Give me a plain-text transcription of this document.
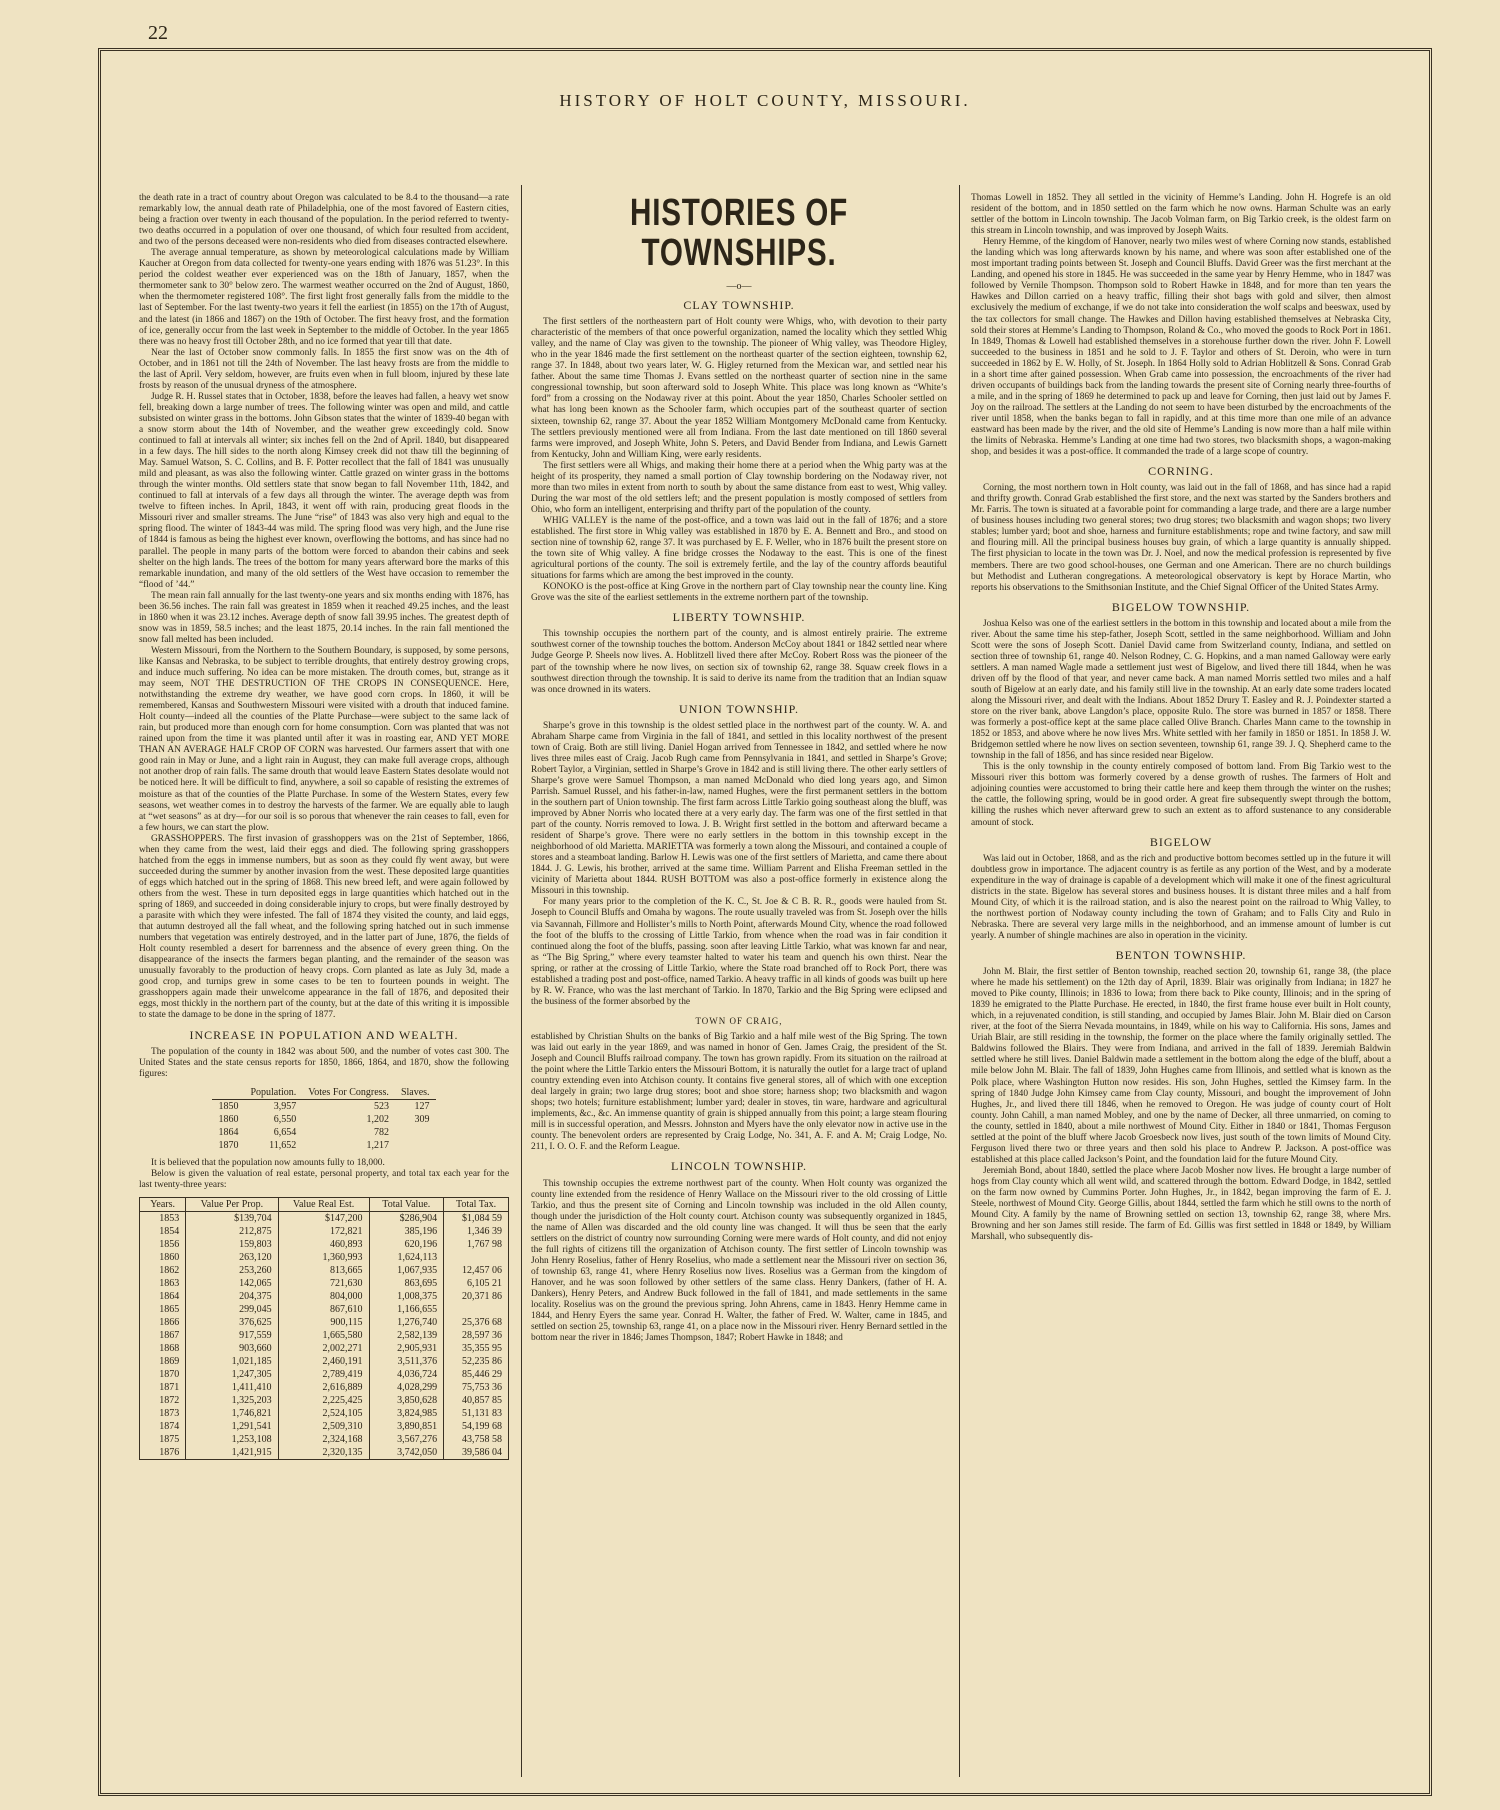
22
HISTORY OF HOLT COUNTY, MISSOURI.

the death rate in a tract of country about Oregon was calculated to be 8.4 to the thousand—a rate remarkably low, the annual death rate of Philadelphia, one of the most favored of Eastern cities, being a fraction over twenty in each thousand of the population. In the period referred to twenty-two deaths occurred in a population of over one thousand, of which four resulted from accident, and two of the persons deceased were non-residents who died from diseases contracted elsewhere.

The average annual temperature, as shown by meteorological calculations made by William Kaucher at Oregon from data collected for twenty-one years ending with 1876 was 51.23°. In this period the coldest weather ever experienced was on the 18th of January, 1857, when the thermometer sank to 30° below zero. The warmest weather occurred on the 2nd of August, 1860, when the thermometer registered 108°. The first light frost generally falls from the middle to the last of September. For the last twenty-two years it fell the earliest (in 1855) on the 17th of August, and the latest (in 1866 and 1867) on the 19th of October. The first heavy frost, and the formation of ice, generally occur from the last week in September to the middle of October. In the year 1865 there was no heavy frost till October 28th, and no ice formed that year till that date.

Near the last of October snow commonly falls. In 1855 the first snow was on the 4th of October, and in 1861 not till the 24th of November. The last heavy frosts are from the middle to the last of April. Very seldom, however, are fruits even when in full bloom, injured by these late frosts by reason of the unusual dryness of the atmosphere.

Judge R. H. Russel states that in October, 1838, before the leaves had fallen, a heavy wet snow fell, breaking down a large number of trees. The following winter was open and mild, and cattle subsisted on winter grass in the bottoms. John Gibson states that the winter of 1839-40 began with a snow storm about the 14th of November, and the weather grew exceedingly cold. Snow continued to fall at intervals all winter; six inches fell on the 2nd of April. 1840, but disappeared in a few days. The hill sides to the north along Kimsey creek did not thaw till the beginning of May. Samuel Watson, S. C. Collins, and B. F. Potter recollect that the fall of 1841 was unusually mild and pleasant, as was also the following winter. Cattle grazed on winter grass in the bottoms through the winter months. Old settlers state that snow began to fall November 11th, 1842, and continued to fall at intervals of a few days all through the winter. The average depth was from twelve to fifteen inches. In April, 1843, it went off with rain, producing great floods in the Missouri river and smaller streams. The June “rise” of 1843 was also very high and equal to the spring flood. The winter of 1843-44 was mild. The spring flood was very high, and the June rise of 1844 is famous as being the highest ever known, overflowing the bottoms, and has since had no parallel. The people in many parts of the bottom were forced to abandon their cabins and seek shelter on the high lands. The trees of the bottom for many years afterward bore the marks of this remarkable inundation, and many of the old settlers of the West have occasion to remember the “flood of ’44.”

The mean rain fall annually for the last twenty-one years and six months ending with 1876, has been 36.56 inches. The rain fall was greatest in 1859 when it reached 49.25 inches, and the least in 1860 when it was 23.12 inches. Average depth of snow fall 39.95 inches. The greatest depth of snow was in 1859, 58.5 inches; and the least 1875, 20.14 inches. In the rain fall mentioned the snow fall melted has been included.

Western Missouri, from the Northern to the Southern Boundary, is supposed, by some persons, like Kansas and Nebraska, to be subject to terrible droughts, that entirely destroy growing crops, and induce much suffering. No idea can be more mistaken. The drouth comes, but, strange as it may seem, NOT THE DESTRUCTION OF THE CROPS IN CONSEQUENCE. Here, notwithstanding the extreme dry weather, we have good corn crops. In 1860, it will be remembered, Kansas and Southwestern Missouri were visited with a drouth that induced famine. Holt county—indeed all the counties of the Platte Purchase—were subject to the same lack of rain, but produced more than enough corn for home consumption. Corn was planted that was not rained upon from the time it was planted until after it was in roasting ear, AND YET MORE THAN AN AVERAGE HALF CROP OF CORN was harvested. Our farmers assert that with one good rain in May or June, and a light rain in August, they can make full average crops, although not another drop of rain falls. The same drouth that would leave Eastern States desolate would not be noticed here. It will be difficult to find, anywhere, a soil so capable of resisting the extremes of moisture as that of the counties of the Platte Purchase. In some of the Western States, every few seasons, wet weather comes in to destroy the harvests of the farmer. We are equally able to laugh at “wet seasons” as at dry—for our soil is so porous that whenever the rain ceases to fall, even for a few hours, we can start the plow.

GRASSHOPPERS. The first invasion of grasshoppers was on the 21st of September, 1866, when they came from the west, laid their eggs and died. The following spring grasshoppers hatched from the eggs in immense numbers, but as soon as they could fly went away, but were succeeded during the summer by another invasion from the west. These deposited large quantities of eggs which hatched out in the spring of 1868. This new breed left, and were again followed by others from the west. These in turn deposited eggs in large quantities which hatched out in the spring of 1869, and succeeded in doing considerable injury to crops, but were finally destroyed by a parasite with which they were infested. The fall of 1874 they visited the county, and laid eggs, that autumn destroyed all the fall wheat, and the following spring hatched out in such immense numbers that vegetation was entirely destroyed, and in the latter part of June, 1876, the fields of Holt county resembled a desert for barrenness and the absence of every green thing. On the disappearance of the insects the farmers began planting, and the remainder of the season was unusually favorably to the production of heavy crops. Corn planted as late as July 3d, made a good crop, and turnips grew in some cases to be ten to fourteen pounds in weight. The grasshoppers again made their unwelcome appearance in the fall of 1876, and deposited their eggs, most thickly in the northern part of the county, but at the date of this writing it is impossible to state the damage to be done in the spring of 1877.

INCREASE IN POPULATION AND WEALTH.

The population of the county in 1842 was about 500, and the number of votes cast 300. The United States and the state census reports for 1850, 1866, 1864, and 1870, show the following figures:

	Population.	Votes For Congress.	Slaves.
1850	3,957	523	127
1860	6,550	1,202	309
1864	6,654	782	
1870	11,652	1,217	

It is believed that the population now amounts fully to 18,000.

Below is given the valuation of real estate, personal property, and total tax each year for the last twenty-three years:

Years.	Value Per Prop.	Value Real Est.	Total Value.	Total Tax.
1853	$139,704	$147,200	$286,904	$1,084 59
1854	212,875	172,821	385,196	1,346 39
1856	159,803	460,893	620,196	1,767 98
1860	263,120	1,360,993	1,624,113	
1862	253,260	813,665	1,067,935	12,457 06
1863	142,065	721,630	863,695	6,105 21
1864	204,375	804,000	1,008,375	20,371 86
1865	299,045	867,610	1,166,655	
1866	376,625	900,115	1,276,740	25,376 68
1867	917,559	1,665,580	2,582,139	28,597 36
1868	903,660	2,002,271	2,905,931	35,355 95
1869	1,021,185	2,460,191	3,511,376	52,235 86
1870	1,247,305	2,789,419	4,036,724	85,446 29
1871	1,411,410	2,616,889	4,028,299	75,753 36
1872	1,325,203	2,225,425	3,850,628	40,857 85
1873	1,746,821	2,524,105	3,824,985	51,131 83
1874	1,291,541	2,509,310	3,890,851	54,199 68
1875	1,253,108	2,324,168	3,567,276	43,758 58
1876	1,421,915	2,320,135	3,742,050	39,586 04
HISTORIES OF TOWNSHIPS.
—o—
CLAY TOWNSHIP.

The first settlers of the northeastern part of Holt county were Whigs, who, with devotion to their party characteristic of the members of that once powerful organization, named the locality which they settled Whig valley, and the name of Clay was given to the township. The pioneer of Whig valley, was Theodore Higley, who in the year 1846 made the first settlement on the northeast quarter of the section eighteen, township 62, range 37. In 1848, about two years later, W. G. Higley returned from the Mexican war, and settled near his father. About the same time Thomas J. Evans settled on the northeast quarter of section nine in the same congressional township, but soon afterward sold to Joseph White. This place was long known as “White’s ford” from a crossing on the Nodaway river at this point. About the year 1850, Charles Schooler settled on what has long been known as the Schooler farm, which occupies part of the southeast quarter of section sixteen, township 62, range 37. About the year 1852 William Montgomery McDonald came from Kentucky. The settlers previously mentioned were all from Indiana. From the last date mentioned on till 1860 several farms were improved, and Joseph White, John S. Peters, and David Bender from Indiana, and Lewis Garnett from Kentucky, John and William King, were early residents.

The first settlers were all Whigs, and making their home there at a period when the Whig party was at the height of its prosperity, they named a small portion of Clay township bordering on the Nodaway river, not more than two miles in extent from north to south by about the same distance from east to west, Whig valley. During the war most of the old settlers left; and the present population is mostly composed of settlers from Ohio, who form an intelligent, enterprising and thrifty part of the population of the county.

WHIG VALLEY is the name of the post-office, and a town was laid out in the fall of 1876; and a store established. The first store in Whig valley was established in 1870 by E. A. Bennett and Bro., and stood on section nine of township 62, range 37. It was purchased by E. F. Weller, who in 1876 built the present store on the town site of Whig valley. A fine bridge crosses the Nodaway to the east. This is one of the finest agricultural portions of the county. The soil is extremely fertile, and the lay of the country affords beautiful situations for farms which are among the best improved in the county.

KONOKO is the post-office at King Grove in the northern part of Clay township near the county line. King Grove was the site of the earliest settlements in the extreme northern part of the township.

LIBERTY TOWNSHIP.

This township occupies the northern part of the county, and is almost entirely prairie. The extreme southwest corner of the township touches the bottom. Anderson McCoy about 1841 or 1842 settled near where Judge George P. Sheels now lives. A. Hoblitzell lived there after McCoy. Robert Ross was the pioneer of the part of the township where he now lives, on section six of township 62, range 38. Squaw creek flows in a southwest direction through the township. It is said to derive its name from the tradition that an Indian squaw was once drowned in its waters.

UNION TOWNSHIP.

Sharpe’s grove in this township is the oldest settled place in the northwest part of the county. W. A. and Abraham Sharpe came from Virginia in the fall of 1841, and settled in this locality northwest of the present town of Craig. Both are still living. Daniel Hogan arrived from Tennessee in 1842, and settled where he now lives three miles east of Craig. Jacob Rugh came from Pennsylvania in 1841, and settled in Sharpe’s Grove; Robert Taylor, a Virginian, settled in Sharpe’s Grove in 1842 and is still living there. The other early settlers of Sharpe’s grove were Samuel Thompson, a man named McDonald who died long years ago, and Simon Parrish. Samuel Russel, and his father-in-law, named Hughes, were the first permanent settlers in the bottom in the southern part of Union township. The first farm across Little Tarkio going southeast along the bluff, was improved by Abner Norris who located there at a very early day. The farm was one of the first settled in that part of the county. Norris removed to Iowa. J. B. Wright first settled in the bottom and afterward became a resident of Sharpe’s grove. There were no early settlers in the bottom in this township except in the neighborhood of old Marietta. MARIETTA was formerly a town along the Missouri, and contained a couple of stores and a steamboat landing. Barlow H. Lewis was one of the first settlers of Marietta, and came there about 1844. J. G. Lewis, his brother, arrived at the same time. William Parrent and Elisha Freeman settled in the vicinity of Marietta about 1844. RUSH BOTTOM was also a post-office formerly in existence along the Missouri in this township.

For many years prior to the completion of the K. C., St. Joe & C B. R. R., goods were hauled from St. Joseph to Council Bluffs and Omaha by wagons. The route usually traveled was from St. Joseph over the hills via Savannah, Fillmore and Hollister’s mills to North Point, afterwards Mound City, whence the road followed the foot of the bluffs to the crossing of Little Tarkio, from whence when the road was in fair condition it continued along the foot of the bluffs, passing. soon after leaving Little Tarkio, what was known far and near, as “The Big Spring,” where every teamster halted to water his team and quench his own thirst. Near the spring, or rather at the crossing of Little Tarkio, where the State road branched off to Rock Port, there was established a trading post and post-office, named Tarkio. A heavy traffic in all kinds of goods was built up here by R. W. France, who was the last merchant of Tarkio. In 1870, Tarkio and the Big Spring were eclipsed and the business of the former absorbed by the

TOWN OF CRAIG,

established by Christian Shults on the banks of Big Tarkio and a half mile west of the Big Spring. The town was laid out early in the year 1869, and was named in honor of Gen. James Craig, the president of the St. Joseph and Council Bluffs railroad company. The town has grown rapidly. From its situation on the railroad at the point where the Little Tarkio enters the Missouri Bottom, it is naturally the outlet for a large tract of upland country extending even into Atchison county. It contains five general stores, all of which with one exception deal largely in grain; two large drug stores; boot and shoe store; harness shop; two blacksmith and wagon shops; two hotels; furniture establishment; lumber yard; dealer in stoves, tin ware, hardware and agricultural implements, &c., &c. An immense quantity of grain is shipped annually from this point; a large steam flouring mill is in successful operation, and Messrs. Johnston and Myers have the only elevator now in active use in the county. The benevolent orders are represented by Craig Lodge, No. 341, A. F. and A. M; Craig Lodge, No. 211, I. O. O. F. and the Reform League.

LINCOLN TOWNSHIP.

This township occupies the extreme northwest part of the county. When Holt county was organized the county line extended from the residence of Henry Wallace on the Missouri river to the old crossing of Little Tarkio, and thus the present site of Corning and Lincoln township was included in the old Allen county, though under the jurisdiction of the Holt county court. Atchison county was subsequently organized in 1845, the name of Allen was discarded and the old county line was changed. It will thus be seen that the early settlers on the district of country now surrounding Corning were mere wards of Holt county, and did not enjoy the full rights of citizens till the organization of Atchison county. The first settler of Lincoln township was John Henry Roselius, father of Henry Roselius, who made a settlement near the Missouri river on section 36, of township 63, range 41, where Henry Roselius now lives. Roselius was a German from the kingdom of Hanover, and he was soon followed by other settlers of the same class. Henry Dankers, (father of H. A. Dankers), Henry Peters, and Andrew Buck followed in the fall of 1841, and made settlements in the same locality. Roselius was on the ground the previous spring. John Ahrens, came in 1843. Henry Hemme came in 1844, and Henry Eyers the same year. Conrad H. Walter, the father of Fred. W. Walter, came in 1845, and settled on section 25, township 63, range 41, on a place now in the Missouri river. Henry Bernard settled in the bottom near the river in 1846; James Thompson, 1847; Robert Hawke in 1848; and

Thomas Lowell in 1852. They all settled in the vicinity of Hemme’s Landing. John H. Hogrefe is an old resident of the bottom, and in 1850 settled on the farm which he now owns. Harman Schulte was an early settler of the bottom in Lincoln township. The Jacob Volman farm, on Big Tarkio creek, is the oldest farm on this stream in Lincoln township, and was improved by Joseph Waits.

Henry Hemme, of the kingdom of Hanover, nearly two miles west of where Corning now stands, established the landing which was long afterwards known by his name, and where was soon after established one of the most important trading points between St. Joseph and Council Bluffs. David Greer was the first merchant at the Landing, and opened his store in 1845. He was succeeded in the same year by Henry Hemme, who in 1847 was followed by Vernile Thompson. Thompson sold to Robert Hawke in 1848, and for more than ten years the Hawkes and Dillon carried on a heavy traffic, filling their shot bags with gold and silver, then almost exclusively the medium of exchange, if we do not take into consideration the wolf scalps and beeswax, used by the tax collectors for small change. The Hawkes and Dillon having established themselves at Nebraska City, sold their stores at Hemme’s Landing to Thompson, Roland & Co., who moved the goods to Rock Port in 1861. In 1849, Thomas & Lowell had established themselves in a storehouse further down the river. John F. Lowell succeeded to the business in 1851 and he sold to J. F. Taylor and others of St. Deroin, who were in turn succeeded in 1862 by E. W. Holly, of St. Joseph. In 1864 Holly sold to Adrian Hoblitzell & Sons. Conrad Grab in a short time after gained possession. When Grab came into possession, the encroachments of the river had driven occupants of buildings back from the landing towards the present site of Corning nearly three-fourths of a mile, and in the spring of 1869 he determined to pack up and leave for Corning, then just laid out by James F. Joy on the railroad. The settlers at the Landing do not seem to have been disturbed by the encroachments of the river until 1858, when the banks began to fall in rapidly, and at this time more than one mile of an advance eastward has been made by the river, and the old site of Hemme’s Landing is now more than a half mile within the limits of Nebraska. Hemme’s Landing at one time had two stores, two blacksmith shops, a wagon-making shop, and besides it was a post-office. It commanded the trade of a large scope of country.

CORNING.

Corning, the most northern town in Holt county, was laid out in the fall of 1868, and has since had a rapid and thrifty growth. Conrad Grab established the first store, and the next was started by the Sanders brothers and Mr. Farris. The town is situated at a favorable point for commanding a large trade, and there are a large number of business houses including two general stores; two drug stores; two blacksmith and wagon shops; two livery stables; lumber yard; boot and shoe, harness and furniture establishments; rope and twine factory, and saw mill and flouring mill. All the principal business houses buy grain, of which a large quantity is annually shipped. The first physician to locate in the town was Dr. J. Noel, and now the medical profession is represented by five members. There are two good school-houses, one German and one American. There are no church buildings but Methodist and Lutheran congregations. A meteorological observatory is kept by Horace Martin, who reports his observations to the Smithsonian Institute, and the Chief Signal Officer of the United States Army.

BIGELOW TOWNSHIP.

Joshua Kelso was one of the earliest settlers in the bottom in this township and located about a mile from the river. About the same time his step-father, Joseph Scott, settled in the same neighborhood. William and John Scott were the sons of Joseph Scott. Daniel David came from Switzerland county, Indiana, and settled on section three of township 61, range 40. Nelson Rodney, C. G. Hopkins, and a man named Galloway were early settlers. A man named Wagle made a settlement just west of Bigelow, and lived there till 1844, when he was driven off by the flood of that year, and never came back. A man named Morris settled two miles and a half south of Bigelow at an early date, and his family still live in the township. At an early date some traders located along the Missouri river, and dealt with the Indians. About 1852 Drury T. Easley and R. J. Poindexter started a store on the river bank, above Langdon’s place, opposite Rulo. The store was burned in 1857 or 1858. There was formerly a post-office kept at the same place called Olive Branch. Charles Mann came to the township in 1852 or 1853, and above where he now lives Mrs. White settled with her family in 1850 or 1851. In 1858 J. W. Bridgemon settled where he now lives on section seventeen, township 61, range 39. J. Q. Shepherd came to the township in the fall of 1856, and has since resided near Bigelow.

This is the only township in the county entirely composed of bottom land. From Big Tarkio west to the Missouri river this bottom was formerly covered by a dense growth of rushes. The farmers of Holt and adjoining counties were accustomed to bring their cattle here and keep them through the winter on the rushes; the cattle, the following spring, would be in good order. A great fire subsequently swept through the bottom, killing the rushes which never afterward grew to such an extent as to afford sustenance to any considerable amount of stock.

BIGELOW

Was laid out in October, 1868, and as the rich and productive bottom becomes settled up in the future it will doubtless grow in importance. The adjacent country is as fertile as any portion of the West, and by a moderate expenditure in the way of drainage is capable of a development which will make it one of the finest agricultural districts in the state. Bigelow has several stores and business houses. It is distant three miles and a half from Mound City, of which it is the railroad station, and is also the nearest point on the railroad to Whig Valley, to the northwest portion of Nodaway county including the town of Graham; and to Falls City and Rulo in Nebraska. There are several very large mills in the neighborhood, and an immense amount of lumber is cut yearly. A number of shingle machines are also in operation in the vicinity.

BENTON TOWNSHIP.

John M. Blair, the first settler of Benton township, reached section 20, township 61, range 38, (the place where he made his settlement) on the 12th day of April, 1839. Blair was originally from Indiana; in 1827 he moved to Pike county, Illinois; in 1836 to Iowa; from there back to Pike county, Illinois; and in the spring of 1839 he emigrated to the Platte Purchase. He erected, in 1840, the first frame house ever built in Holt county, which, in a rejuvenated condition, is still standing, and occupied by James Blair. John M. Blair died on Carson river, at the foot of the Sierra Nevada mountains, in 1849, while on his way to California. His sons, James and Uriah Blair, are still residing in the township, the former on the place where the family originally settled. The Baldwins followed the Blairs. They were from Indiana, and arrived in the fall of 1839. Jeremiah Baldwin settled where he still lives. Daniel Baldwin made a settlement in the bottom along the edge of the bluff, about a mile below John M. Blair. The fall of 1839, John Hughes came from Illinois, and settled what is known as the Polk place, where Washington Hutton now resides. His son, John Hughes, settled the Kimsey farm. In the spring of 1840 Judge John Kimsey came from Clay county, Missouri, and bought the improvement of John Hughes, Jr., and lived there till 1846, when he removed to Oregon. He was judge of county court of Holt county. John Cahill, a man named Mobley, and one by the name of Decker, all three unmarried, on coming to the county, settled in 1840, about a mile northwest of Mound City. Either in 1840 or 1841, Thomas Ferguson settled at the point of the bluff where Jacob Groesbeck now lives, just south of the town limits of Mound City. Ferguson lived there two or three years and then sold his place to Andrew P. Jackson. A post-office was established at this place called Jackson’s Point, and the foundation laid for the future Mound City.

Jeremiah Bond, about 1840, settled the place where Jacob Mosher now lives. He brought a large number of hogs from Clay county which all went wild, and scattered through the bottom. Edward Dodge, in 1842, settled on the farm now owned by Cummins Porter. John Hughes, Jr., in 1842, began improving the farm of E. J. Steele, northwest of Mound City. George Gillis, about 1844, settled the farm which he still owns to the north of Mound City. A family by the name of Browning settled on section 13, township 62, range 38, where Mrs. Browning and her son James still reside. The farm of Ed. Gillis was first settled in 1848 or 1849, by William Marshall, who subsequently dis-
